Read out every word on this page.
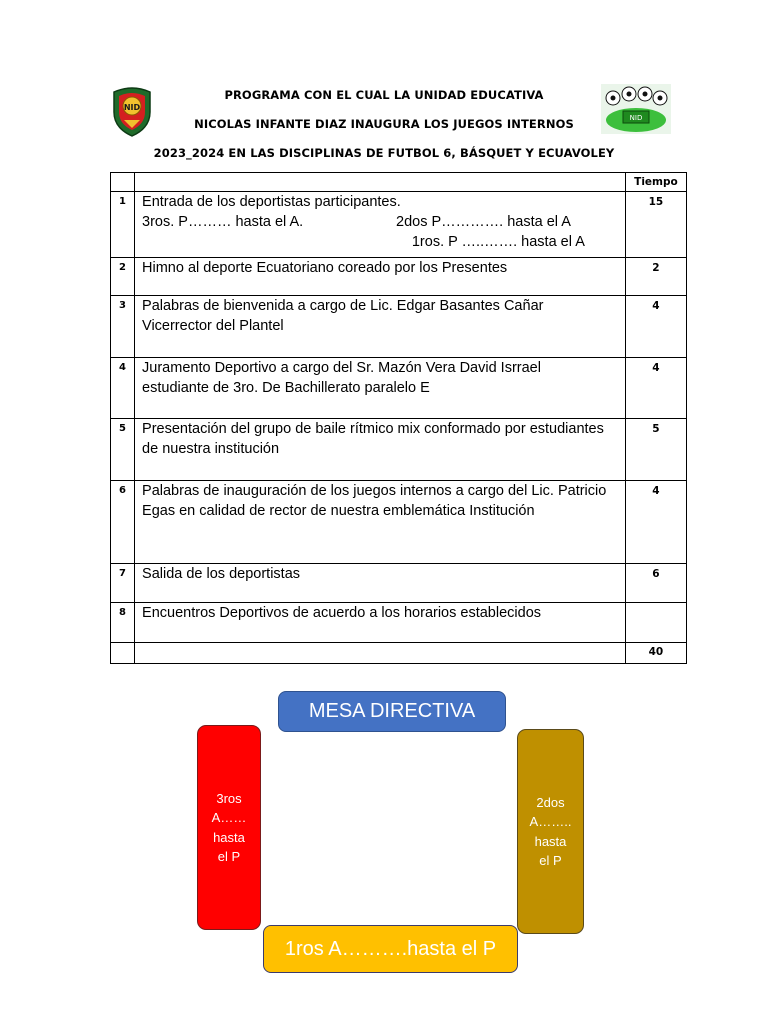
NID
PROGRAMA CON EL CUAL LA UNIDAD EDUCATIVA
NICOLAS INFANTE DIAZ INAUGURA LOS JUEGOS INTERNOS
2023_2024 EN LAS DISCIPLINAS DE FUTBOL 6, BÁSQUET Y ECUAVOLEY
NID
		Tiempo
1	Entrada de los deportistas participantes.
3ros. P……… hasta el A. 2dos P…………. hasta el A
1ros. P …..……. hasta el A	15
2	Himno al deporte Ecuatoriano coreado por los Presentes	2
3	Palabras de bienvenida a cargo de Lic. Edgar Basantes Cañar
Vicerrector del Plantel	4
4	Juramento Deportivo a cargo del Sr. Mazón Vera David Isrrael
estudiante de 3ro. De Bachillerato paralelo E	4
5	Presentación del grupo de baile rítmico mix conformado por estudiantes
de nuestra institución	5
6	Palabras de inauguración de los juegos internos a cargo del Lic. Patricio
Egas en calidad de rector de nuestra emblemática Institución	4
7	Salida de los deportistas	6
8	Encuentros Deportivos de acuerdo a los horarios establecidos	

		40
3ros
A……
hasta
el P
2dos
A……..
hasta
el P
MESA DIRECTIVA
1ros A……….hasta el P
